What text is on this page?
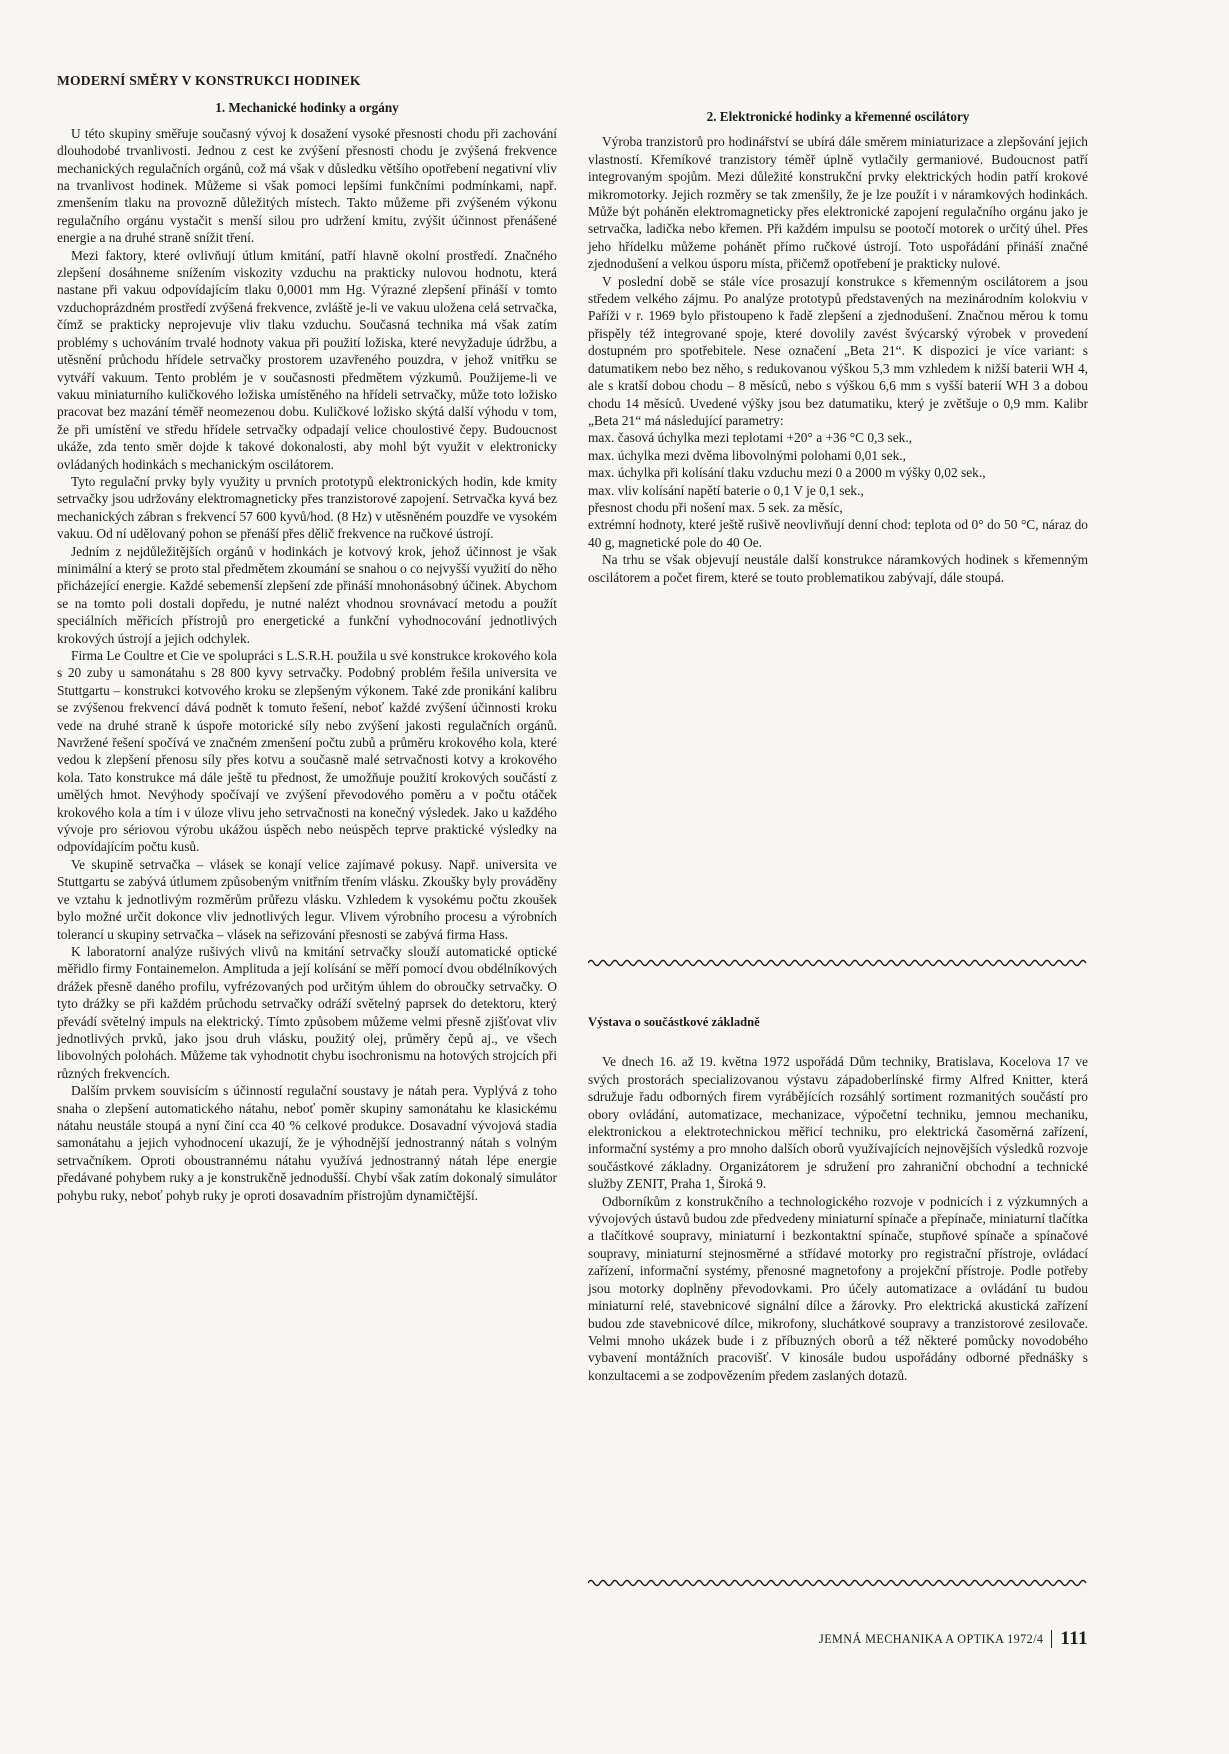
MODERNÍ SMĚRY V KONSTRUKCI HODINEK
1. Mechanické hodinky a orgány

U této skupiny směřuje současný vývoj k dosažení vysoké přesnosti chodu při zachování dlouhodobé trvanlivosti. Jednou z cest ke zvýšení přesnosti chodu je zvýšená frekvence mechanických regulačních orgánů, což má však v důsledku většího opotřebení negativní vliv na trvanlivost hodinek. Můžeme si však pomoci lepšími funkčními podmínkami, např. zmenšením tlaku na provozně důležitých místech. Takto můžeme při zvýšeném výkonu regulačního orgánu vystačit s menší silou pro udržení kmitu, zvýšit účinnost přenášené energie a na druhé straně snížit tření.

Mezi faktory, které ovlivňují útlum kmitání, patří hlavně okolní prostředí. Značného zlepšení dosáhneme snížením viskozity vzduchu na prakticky nulovou hodnotu, která nastane při vakuu odpovídajícím tlaku 0,0001 mm Hg. Výrazné zlepšení přináší v tomto vzduchoprázdném prostředí zvýšená frekvence, zvláště je-li ve vakuu uložena celá setrvačka, čímž se prakticky neprojevuje vliv tlaku vzduchu. Současná technika má však zatím problémy s uchováním trvalé hodnoty vakua při použití ložiska, které nevyžaduje údržbu, a utěsnění průchodu hřídele setrvačky prostorem uzavřeného pouzdra, v jehož vnitřku se vytváří vakuum. Tento problém je v současnosti předmětem výzkumů. Použijeme-li ve vakuu miniaturního kuličkového ložiska umístěného na hřídeli setrvačky, může toto ložisko pracovat bez mazání téměř neomezenou dobu. Kuličkové ložisko skýtá další výhodu v tom, že při umístění ve středu hřídele setrvačky odpadají velice choulostivé čepy. Budoucnost ukáže, zda tento směr dojde k takové dokonalosti, aby mohl být využit v elektronicky ovládaných hodinkách s mechanickým oscilátorem.

Tyto regulační prvky byly využity u prvních prototypů elektronických hodin, kde kmity setrvačky jsou udržovány elektromagneticky přes tranzistorové zapojení. Setrvačka kyvá bez mechanických zábran s frekvencí 57 600 kyvů/hod. (8 Hz) v utěsněném pouzdře ve vysokém vakuu. Od ní udělovaný pohon se přenáší přes dělič frekvence na ručkové ústrojí.

Jedním z nejdůležitějších orgánů v hodinkách je kotvový krok, jehož účinnost je však minimální a který se proto stal předmětem zkoumání se snahou o co nejvyšší využití do něho přicházející energie. Každé sebemenší zlepšení zde přináší mnohonásobný účinek. Abychom se na tomto poli dostali dopředu, je nutné nalézt vhodnou srovnávací metodu a použít speciálních měřicích přístrojů pro energetické a funkční vyhodnocování jednotlivých krokových ústrojí a jejich odchylek.

Firma Le Coultre et Cie ve spolupráci s L.S.R.H. použila u své konstrukce krokového kola s 20 zuby u samonátahu s 28 800 kyvy setrvačky. Podobný problém řešila universita ve Stuttgartu – konstrukci kotvového kroku se zlepšeným výkonem. Také zde pronikání kalibru se zvýšenou frekvencí dává podnět k tomuto řešení, neboť každé zvýšení účinnosti kroku vede na druhé straně k úspoře motorické síly nebo zvýšení jakosti regulačních orgánů. Navržené řešení spočívá ve značném zmenšení počtu zubů a průměru krokového kola, které vedou k zlepšení přenosu síly přes kotvu a současně malé setrvačnosti kotvy a krokového kola. Tato konstrukce má dále ještě tu přednost, že umožňuje použití krokových součástí z umělých hmot. Nevýhody spočívají ve zvýšení převodového poměru a v počtu otáček krokového kola a tím i v úloze vlivu jeho setrvačnosti na konečný výsledek. Jako u každého vývoje pro sériovou výrobu ukážou úspěch nebo neúspěch teprve praktické výsledky na odpovídajícím počtu kusů.

Ve skupině setrvačka – vlásek se konají velice zajímavé pokusy. Např. universita ve Stuttgartu se zabývá útlumem způsobeným vnitřním třením vlásku. Zkoušky byly prováděny ve vztahu k jednotlivým rozměrům průřezu vlásku. Vzhledem k vysokému počtu zkoušek bylo možné určit dokonce vliv jednotlivých legur. Vlivem výrobního procesu a výrobních tolerancí u skupiny setrvačka – vlásek na seřizování přesnosti se zabývá firma Hass.

K laboratorní analýze rušivých vlivů na kmitání setrvačky slouží automatické optické měřidlo firmy Fontainemelon. Amplituda a její kolísání se měří pomocí dvou obdélníkových drážek přesně daného profilu, vyfrézovaných pod určitým úhlem do obroučky setrvačky. O tyto drážky se při každém průchodu setrvačky odráží světelný paprsek do detektoru, který převádí světelný impuls na elektrický. Tímto způsobem můžeme velmi přesně zjišťovat vliv jednotlivých prvků, jako jsou druh vlásku, použitý olej, průměry čepů aj., ve všech libovolných polohách. Můžeme tak vyhodnotit chybu isochronismu na hotových strojcích při různých frekvencích.

Dalším prvkem souvisícím s účinností regulační soustavy je nátah pera. Vyplývá z toho snaha o zlepšení automatického nátahu, neboť poměr skupiny samonátahu ke klasickému nátahu neustále stoupá a nyní činí cca 40 % celkové produkce. Dosavadní vývojová stadia samonátahu a jejich vyhodnocení ukazují, že je výhodnější jednostranný nátah s volným setrvačníkem. Oproti oboustrannému nátahu využívá jednostranný nátah lépe energie předávané pohybem ruky a je konstrukčně jednodušší. Chybí však zatím dokonalý simulátor pohybu ruky, neboť pohyb ruky je oproti dosavadním přístrojům dynamičtější.

2. Elektronické hodinky a křemenné oscilátory

Výroba tranzistorů pro hodinářství se ubírá dále směrem miniaturizace a zlepšování jejich vlastností. Křemíkové tranzistory téměř úplně vytlačily germaniové. Budoucnost patří integrovaným spojům. Mezi důležité konstrukční prvky elektrických hodin patří krokové mikromotorky. Jejich rozměry se tak zmenšily, že je lze použít i v náramkových hodinkách. Může být poháněn elektromagneticky přes elektronické zapojení regulačního orgánu jako je setrvačka, ladička nebo křemen. Při každém impulsu se pootočí motorek o určitý úhel. Přes jeho hřídelku můžeme pohánět přímo ručkové ústrojí. Toto uspořádání přináší značné zjednodušení a velkou úsporu místa, přičemž opotřebení je prakticky nulové.

V poslední době se stále více prosazují konstrukce s křemenným oscilátorem a jsou středem velkého zájmu. Po analýze prototypů představených na mezinárodním kolokviu v Paříži v r. 1969 bylo přistoupeno k řadě zlepšení a zjednodušení. Značnou měrou k tomu přispěly též integrované spoje, které dovolily zavést švýcarský výrobek v provedení dostupném pro spotřebitele. Nese označení „Beta 21“. K dispozici je více variant: s datumatikem nebo bez něho, s redukovanou výškou 5,3 mm vzhledem k nižší baterii WH 4, ale s kratší dobou chodu – 8 měsíců, nebo s výškou 6,6 mm s vyšší baterií WH 3 a dobou chodu 14 měsíců. Uvedené výšky jsou bez datumatiku, který je zvětšuje o 0,9 mm. Kalibr „Beta 21“ má následující parametry:

max. časová úchylka mezi teplotami +20° a +36 °C 0,3 sek.,

max. úchylka mezi dvěma libovolnými polohami 0,01 sek.,

max. úchylka při kolísání tlaku vzduchu mezi 0 a 2000 m výšky 0,02 sek.,

max. vliv kolísání napětí baterie o 0,1 V je 0,1 sek.,

přesnost chodu při nošení max. 5 sek. za měsíc,

extrémní hodnoty, které ještě rušivě neovlivňují denní chod: teplota od 0° do 50 °C, náraz do 40 g, magnetické pole do 40 Oe.

Na trhu se však objevují neustále další konstrukce náramkových hodinek s křemenným oscilátorem a počet firem, které se touto problematikou zabývají, dále stoupá.

Výstava o součástkové základně

Ve dnech 16. až 19. května 1972 uspořádá Dům techniky, Bratislava, Kocelova 17 ve svých prostorách specializovanou výstavu západoberlínské firmy Alfred Knitter, která sdružuje řadu odborných firem vyrábějících rozsáhlý sortiment rozmanitých součástí pro obory ovládání, automatizace, mechanizace, výpočetní techniku, jemnou mechaniku, elektronickou a elektrotechnickou měřicí techniku, pro elektrická časoměrná zařízení, informační systémy a pro mnoho dalších oborů využívajících nejnovějších výsledků rozvoje součástkové základny. Organizátorem je sdružení pro zahraniční obchodní a technické služby ZENIT, Praha 1, Široká 9.

Odborníkům z konstrukčního a technologického rozvoje v podnicích i z výzkumných a vývojových ústavů budou zde předvedeny miniaturní spínače a přepínače, miniaturní tlačítka a tlačítkové soupravy, miniaturní i bezkontaktní spínače, stupňové spínače a spínačové soupravy, miniaturní stejnosměrné a střídavé motorky pro registrační přístroje, ovládací zařízení, informační systémy, přenosné magnetofony a projekční přístroje. Podle potřeby jsou motorky doplněny převodovkami. Pro účely automatizace a ovládání tu budou miniaturní relé, stavebnicové signální dílce a žárovky. Pro elektrická akustická zařízení budou zde stavebnicové dílce, mikrofony, sluchátkové soupravy a tranzistorové zesilovače. Velmi mnoho ukázek bude i z příbuzných oborů a též některé pomůcky novodobého vybavení montážních pracovišť. V kinosále budou uspořádány odborné přednášky s konzultacemi a se zodpovězením předem zaslaných dotazů.

JEMNÁ MECHANIKA A OPTIKA 1972/4 111
